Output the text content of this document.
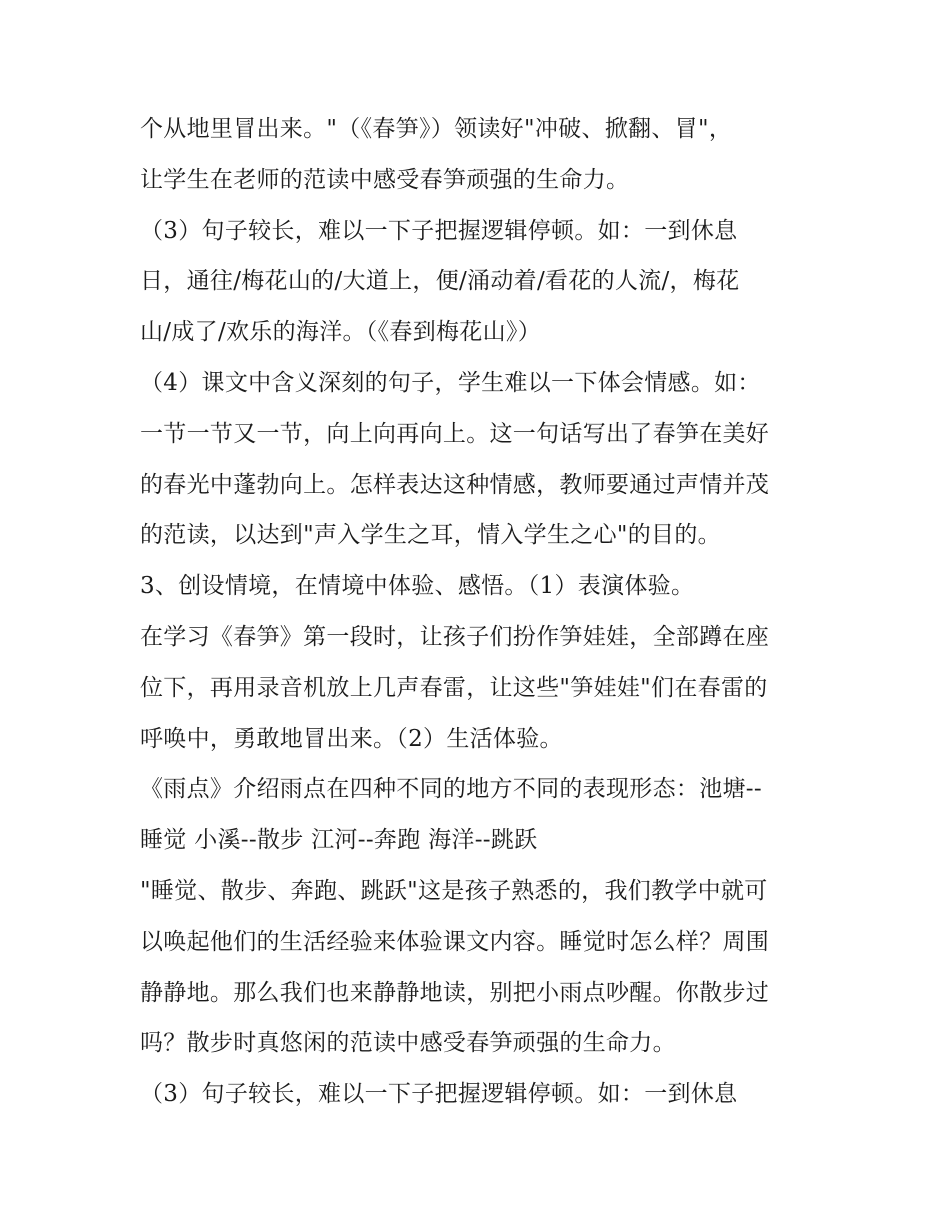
个从地里冒出来。"（《春笋》）领读好"冲破、掀翻、冒"，
让学生在老师的范读中感受春笋顽强的生命力。
（3）句子较长，难以一下子把握逻辑停顿。如：一到休息
日，通往/梅花山的/大道上，便/涌动着/看花的人流/，梅花
山/成了/欢乐的海洋。（《春到梅花山》）
（4）课文中含义深刻的句子，学生难以一下体会情感。如：
一节一节又一节，向上向再向上。这一句话写出了春笋在美好
的春光中蓬勃向上。怎样表达这种情感，教师要通过声情并茂
的范读，以达到"声入学生之耳，情入学生之心"的目的。
3、创设情境，在情境中体验、感悟。（1）表演体验。
在学习《春笋》第一段时，让孩子们扮作笋娃娃，全部蹲在座
位下，再用录音机放上几声春雷，让这些"笋娃娃"们在春雷的
呼唤中，勇敢地冒出来。（2）生活体验。
《雨点》介绍雨点在四种不同的地方不同的表现形态：池塘--
睡觉 小溪--散步 江河--奔跑 海洋--跳跃
"睡觉、散步、奔跑、跳跃"这是孩子熟悉的，我们教学中就可
以唤起他们的生活经验来体验课文内容。睡觉时怎么样？周围
静静地。那么我们也来静静地读，别把小雨点吵醒。你散步过
吗？散步时真悠闲的范读中感受春笋顽强的生命力。
（3）句子较长，难以一下子把握逻辑停顿。如：一到休息
